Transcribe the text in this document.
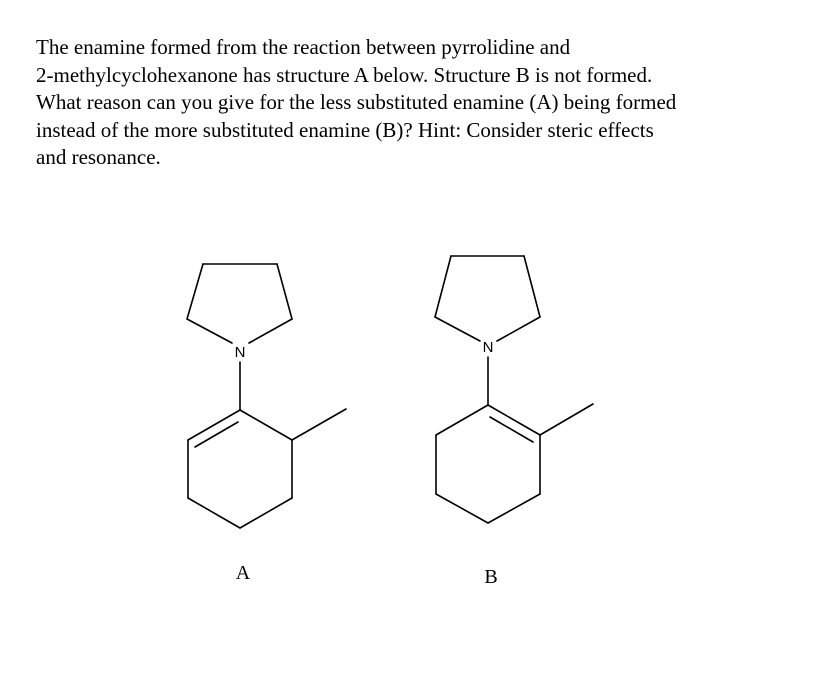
The enamine formed from the reaction between pyrrolidine and
2-methylcyclohexanone has structure A below. Structure B is not formed.
What reason can you give for the less substituted enamine (A) being formed
instead of the more substituted enamine (B)? Hint: Consider steric effects
and resonance.

N
A
N
B
